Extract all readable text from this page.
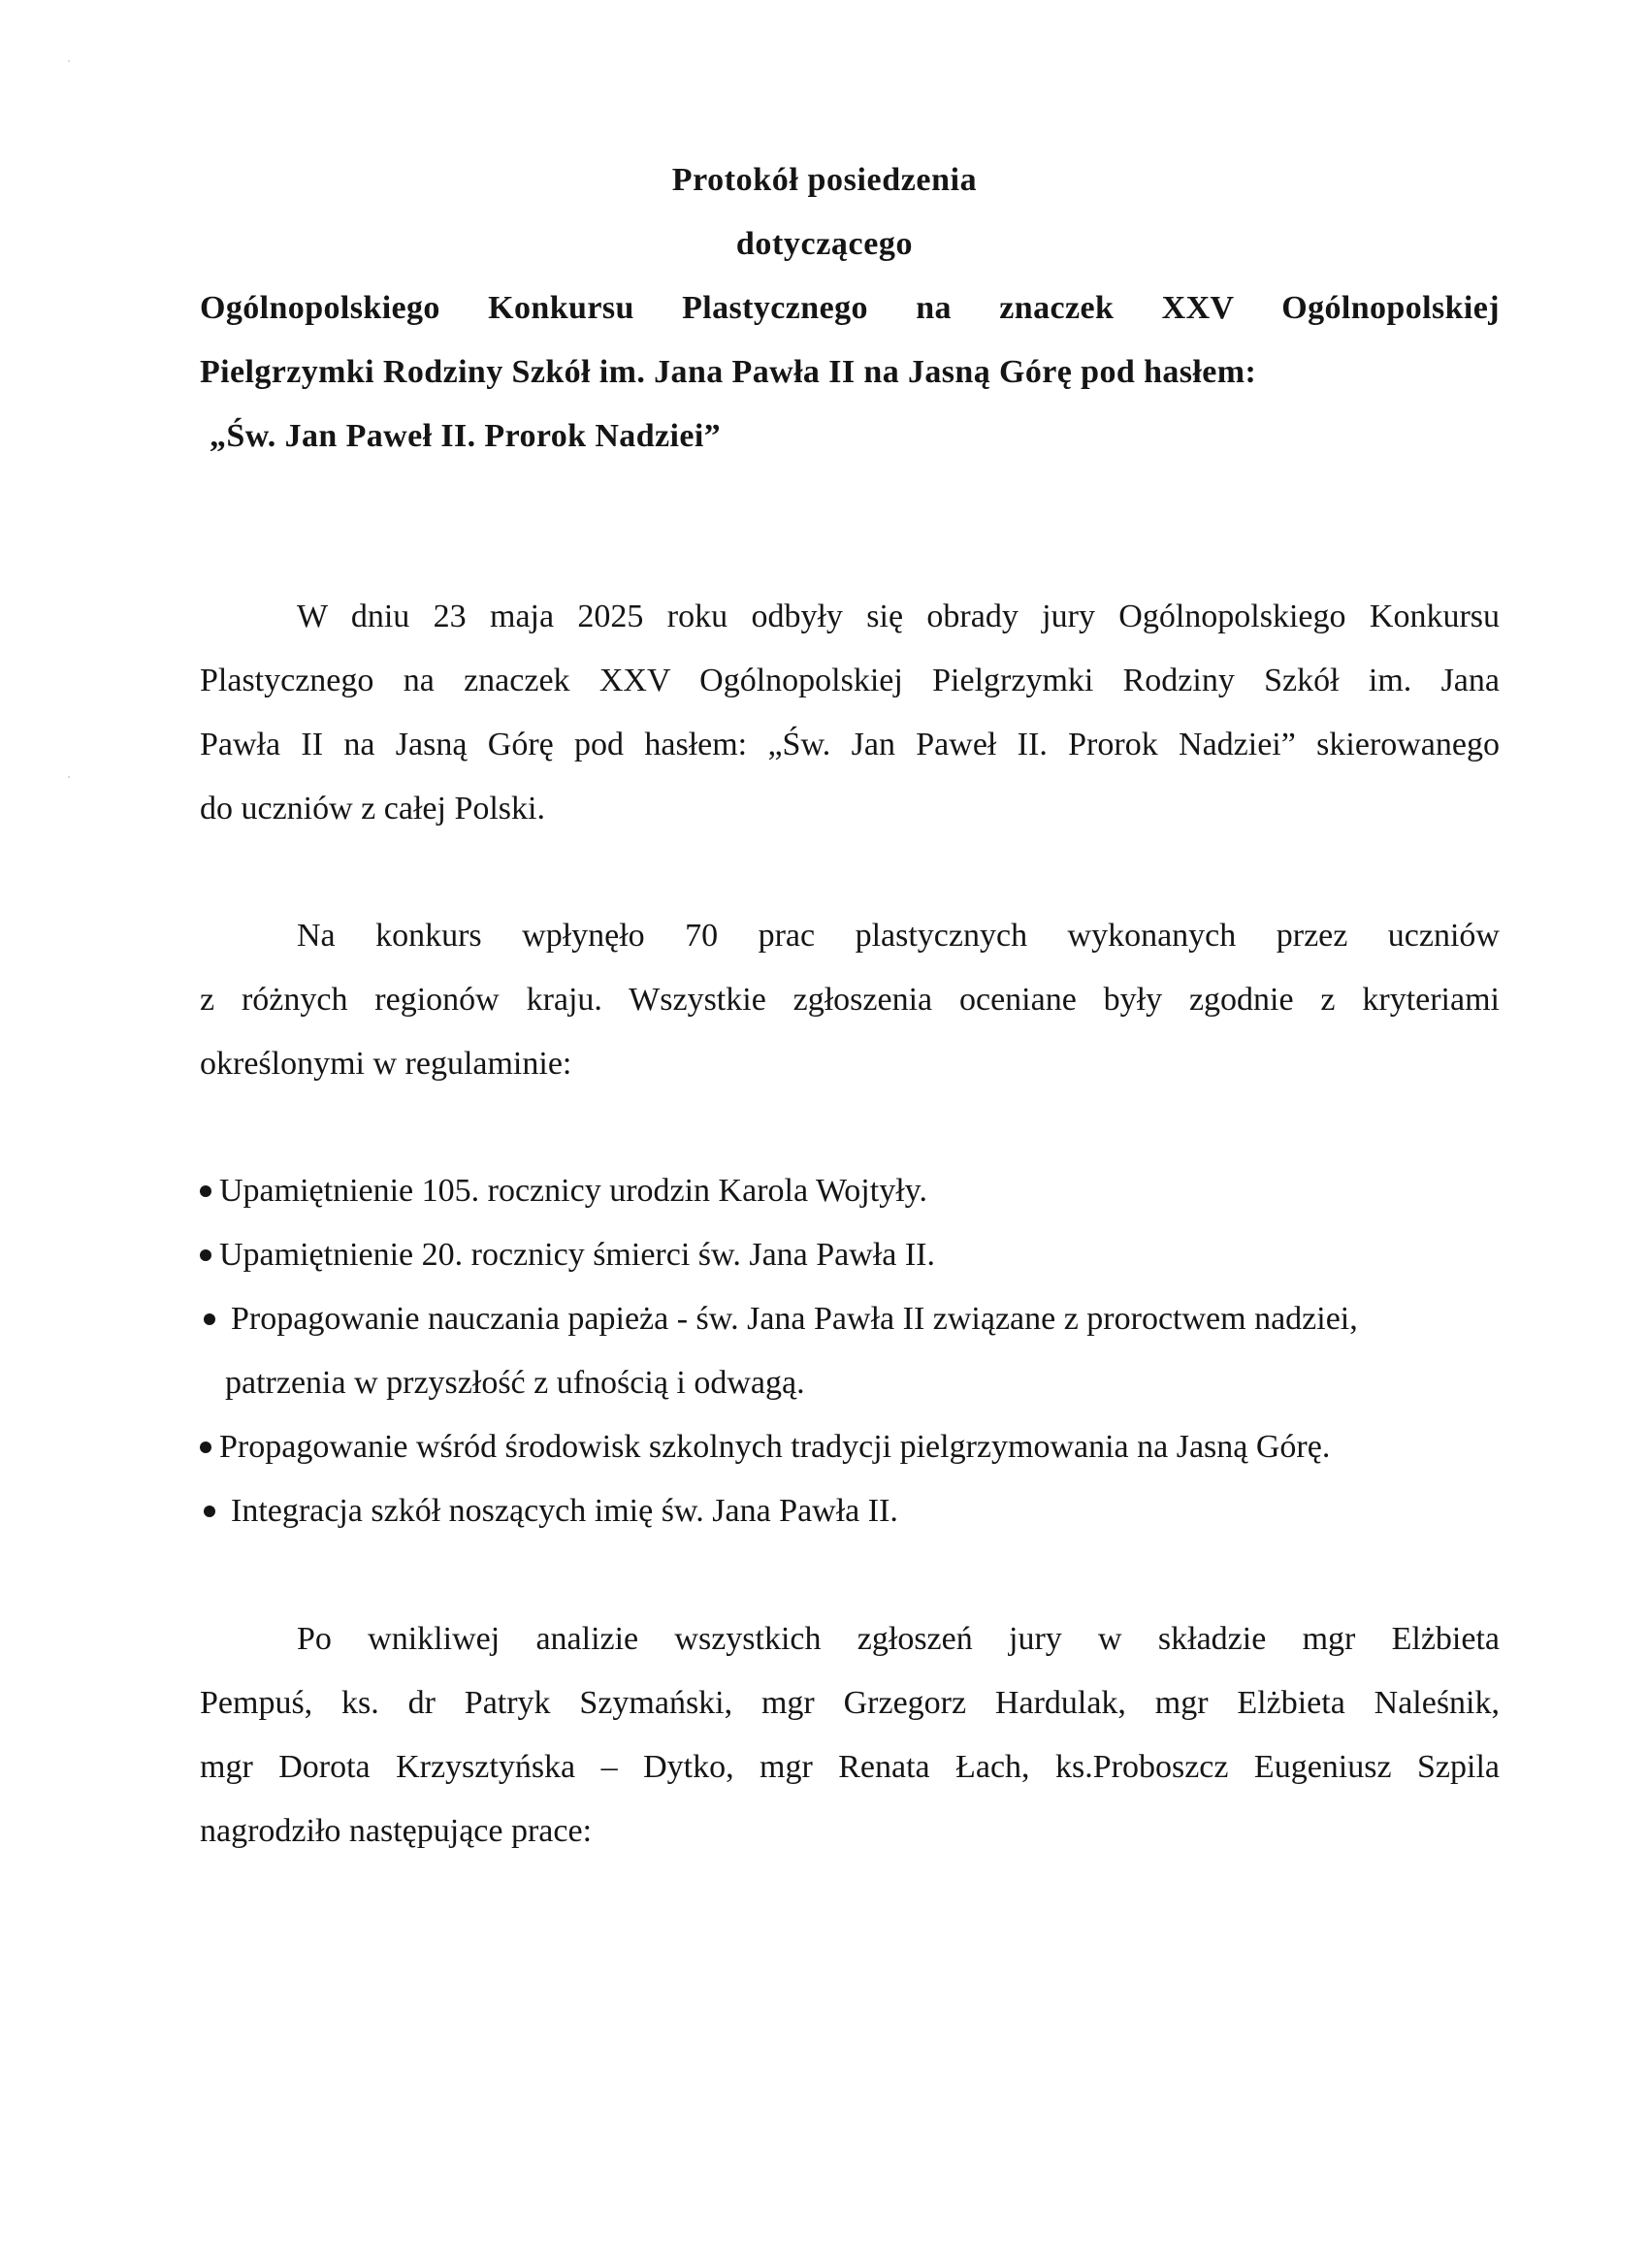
Protokół posiedzenia
dotyczącego
Ogólnopolskiego Konkursu Plastycznego na znaczek XXV Ogólnopolskiej
Pielgrzymki Rodziny Szkół im. Jana Pawła II na Jasną Górę pod hasłem:
„Św. Jan Paweł II. Prorok Nadziei”
W dniu 23 maja 2025 roku odbyły się obrady jury Ogólnopolskiego Konkursu
Plastycznego na znaczek XXV Ogólnopolskiej Pielgrzymki Rodziny Szkół im. Jana
Pawła II na Jasną Górę pod hasłem: „Św. Jan Paweł II. Prorok Nadziei” skierowanego
do uczniów z całej Polski.
Na konkurs wpłynęło 70 prac plastycznych wykonanych przez uczniów
z różnych regionów kraju. Wszystkie zgłoszenia oceniane były zgodnie z kryteriami
określonymi w regulaminie:
Upamiętnienie 105. rocznicy urodzin Karola Wojtyły.
Upamiętnienie 20. rocznicy śmierci św. Jana Pawła II.
Propagowanie nauczania papieża - św. Jana Pawła II związane z proroctwem nadziei,
patrzenia w przyszłość z ufnością i odwagą.
Propagowanie wśród środowisk szkolnych tradycji pielgrzymowania na Jasną Górę.
Integracja szkół noszących imię św. Jana Pawła II.
Po wnikliwej analizie wszystkich zgłoszeń jury w składzie mgr Elżbieta
Pempuś, ks. dr Patryk Szymański, mgr Grzegorz Hardulak, mgr Elżbieta Naleśnik,
mgr Dorota Krzysztyńska – Dytko, mgr Renata Łach, ks.Proboszcz Eugeniusz Szpila
nagrodziło następujące prace:
